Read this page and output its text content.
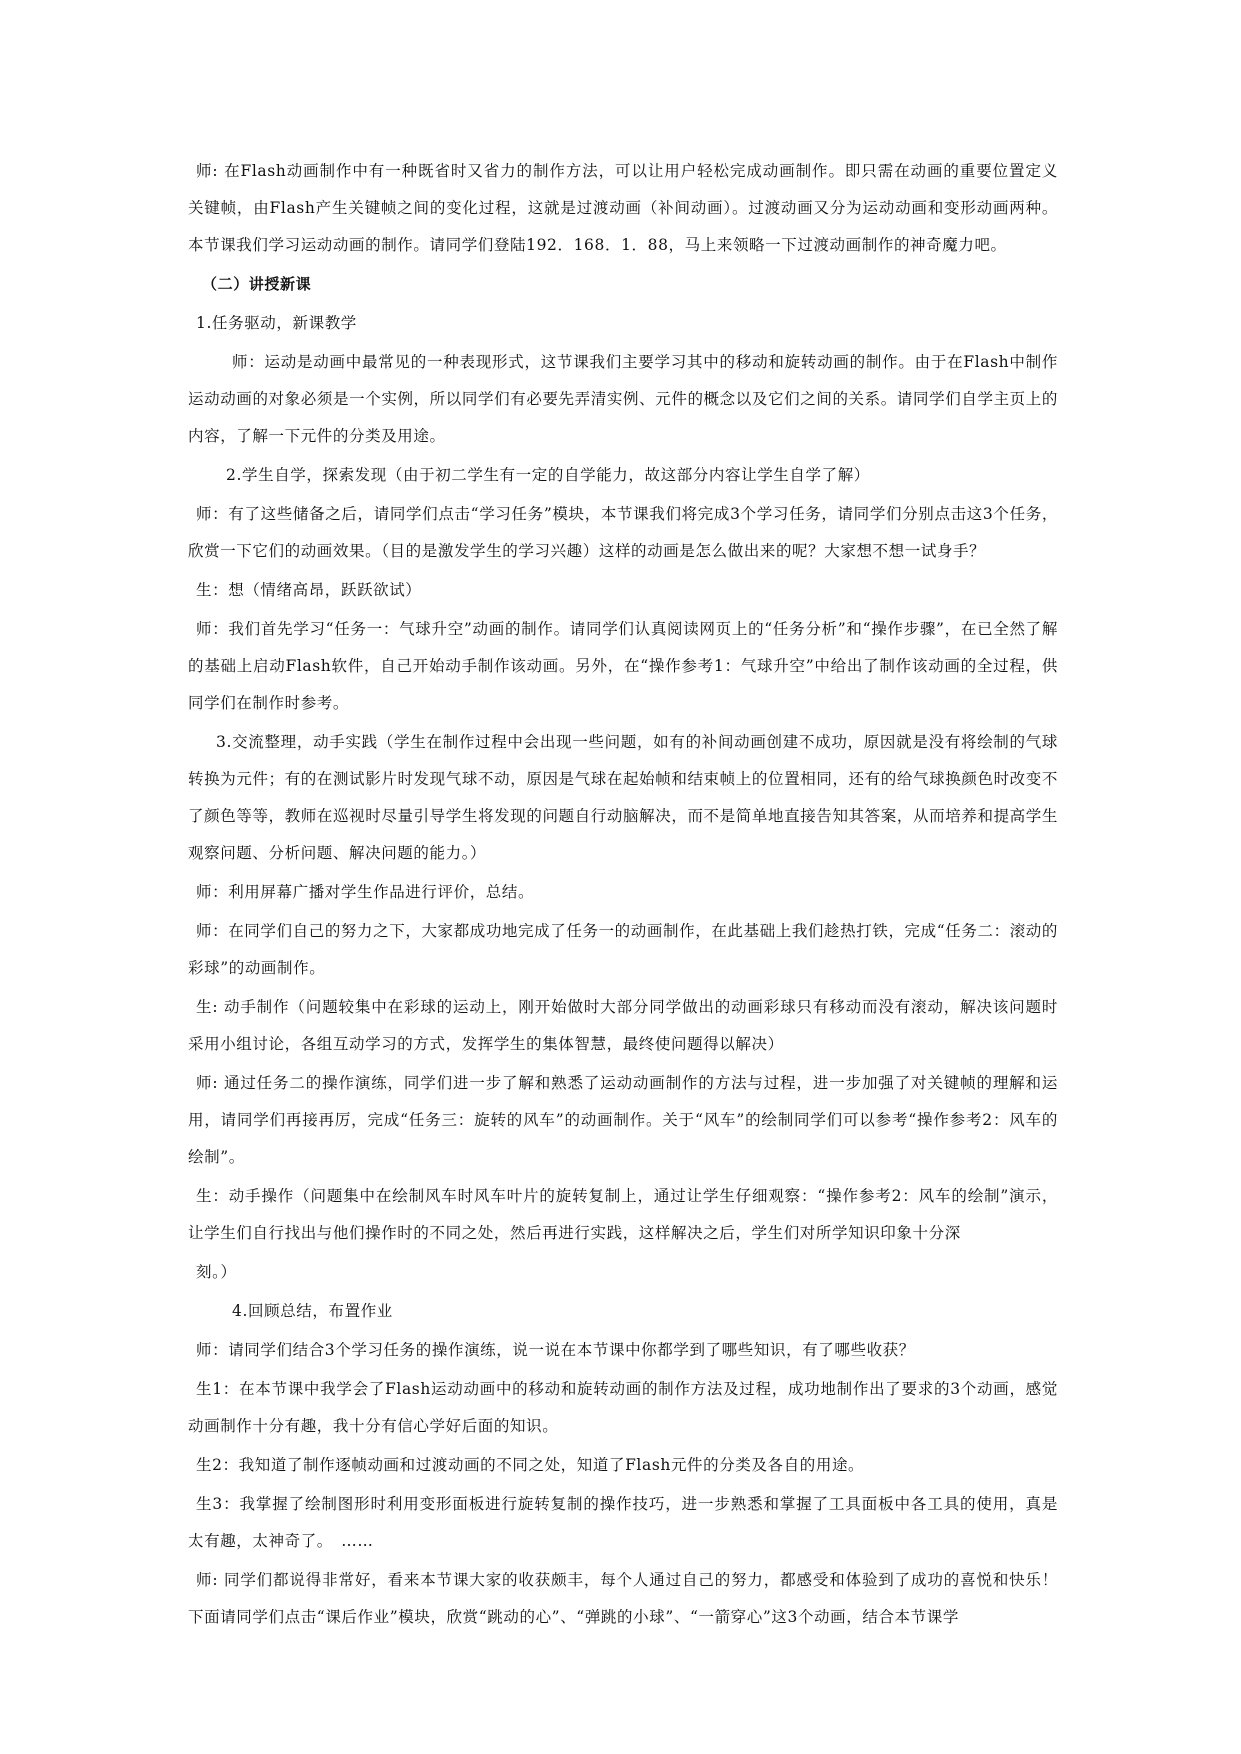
师: 在Flash动画制作中有一种既省时又省力的制作方法，可以让用户轻松完成动画制作。即只需在动画的重要位置定义关键帧，由Flash产生关键帧之间的变化过程，这就是过渡动画（补间动画）。过渡动画又分为运动动画和变形动画两种。本节课我们学习运动动画的制作。请同学们登陆192．168．1．88，马上来领略一下过渡动画制作的神奇魔力吧。

（二）讲授新课

1.任务驱动，新课教学

师：运动是动画中最常见的一种表现形式，这节课我们主要学习其中的移动和旋转动画的制作。由于在Flash中制作运动动画的对象必须是一个实例，所以同学们有必要先弄清实例、元件的概念以及它们之间的关系。请同学们自学主页上的内容，了解一下元件的分类及用途。

2.学生自学，探索发现（由于初二学生有一定的自学能力，故这部分内容让学生自学了解）

师：有了这些储备之后，请同学们点击“学习任务”模块，本节课我们将完成3个学习任务，请同学们分别点击这3个任务，欣赏一下它们的动画效果。（目的是激发学生的学习兴趣）这样的动画是怎么做出来的呢？大家想不想一试身手？

生：想（情绪高昂，跃跃欲试）

师：我们首先学习“任务一：气球升空”动画的制作。请同学们认真阅读网页上的“任务分析”和“操作步骤”，在已全然了解的基础上启动Flash软件，自己开始动手制作该动画。另外，在“操作参考1：气球升空”中给出了制作该动画的全过程，供同学们在制作时参考。

3.交流整理，动手实践（学生在制作过程中会出现一些问题，如有的补间动画创建不成功，原因就是没有将绘制的气球转换为元件；有的在测试影片时发现气球不动，原因是气球在起始帧和结束帧上的位置相同，还有的给气球换颜色时改变不了颜色等等，教师在巡视时尽量引导学生将发现的问题自行动脑解决，而不是简单地直接告知其答案，从而培养和提高学生观察问题、分析问题、解决问题的能力。）

师：利用屏幕广播对学生作品进行评价，总结。

师：在同学们自己的努力之下，大家都成功地完成了任务一的动画制作，在此基础上我们趁热打铁，完成“任务二：滚动的彩球”的动画制作。

生: 动手制作（问题较集中在彩球的运动上，刚开始做时大部分同学做出的动画彩球只有移动而没有滚动，解决该问题时采用小组讨论，各组互动学习的方式，发挥学生的集体智慧，最终使问题得以解决）

师: 通过任务二的操作演练，同学们进一步了解和熟悉了运动动画制作的方法与过程，进一步加强了对关键帧的理解和运用，请同学们再接再厉，完成“任务三：旋转的风车”的动画制作。关于“风车”的绘制同学们可以参考“操作参考2：风车的绘制”。

生：动手操作（问题集中在绘制风车时风车叶片的旋转复制上，通过让学生仔细观察：“操作参考2：风车的绘制”演示，让学生们自行找出与他们操作时的不同之处，然后再进行实践，这样解决之后，学生们对所学知识印象十分深

刻。）

4.回顾总结，布置作业

师：请同学们结合3个学习任务的操作演练，说一说在本节课中你都学到了哪些知识，有了哪些收获？

生1：在本节课中我学会了Flash运动动画中的移动和旋转动画的制作方法及过程，成功地制作出了要求的3个动画，感觉动画制作十分有趣，我十分有信心学好后面的知识。

生2：我知道了制作逐帧动画和过渡动画的不同之处，知道了Flash元件的分类及各自的用途。

生3：我掌握了绘制图形时利用变形面板进行旋转复制的操作技巧，进一步熟悉和掌握了工具面板中各工具的使用，真是太有趣，太神奇了。　……

师: 同学们都说得非常好，看来本节课大家的收获颇丰，每个人通过自己的努力，都感受和体验到了成功的喜悦和快乐！下面请同学们点击“课后作业”模块，欣赏“跳动的心”、“弹跳的小球”、“一箭穿心”这3个动画，结合本节课学
